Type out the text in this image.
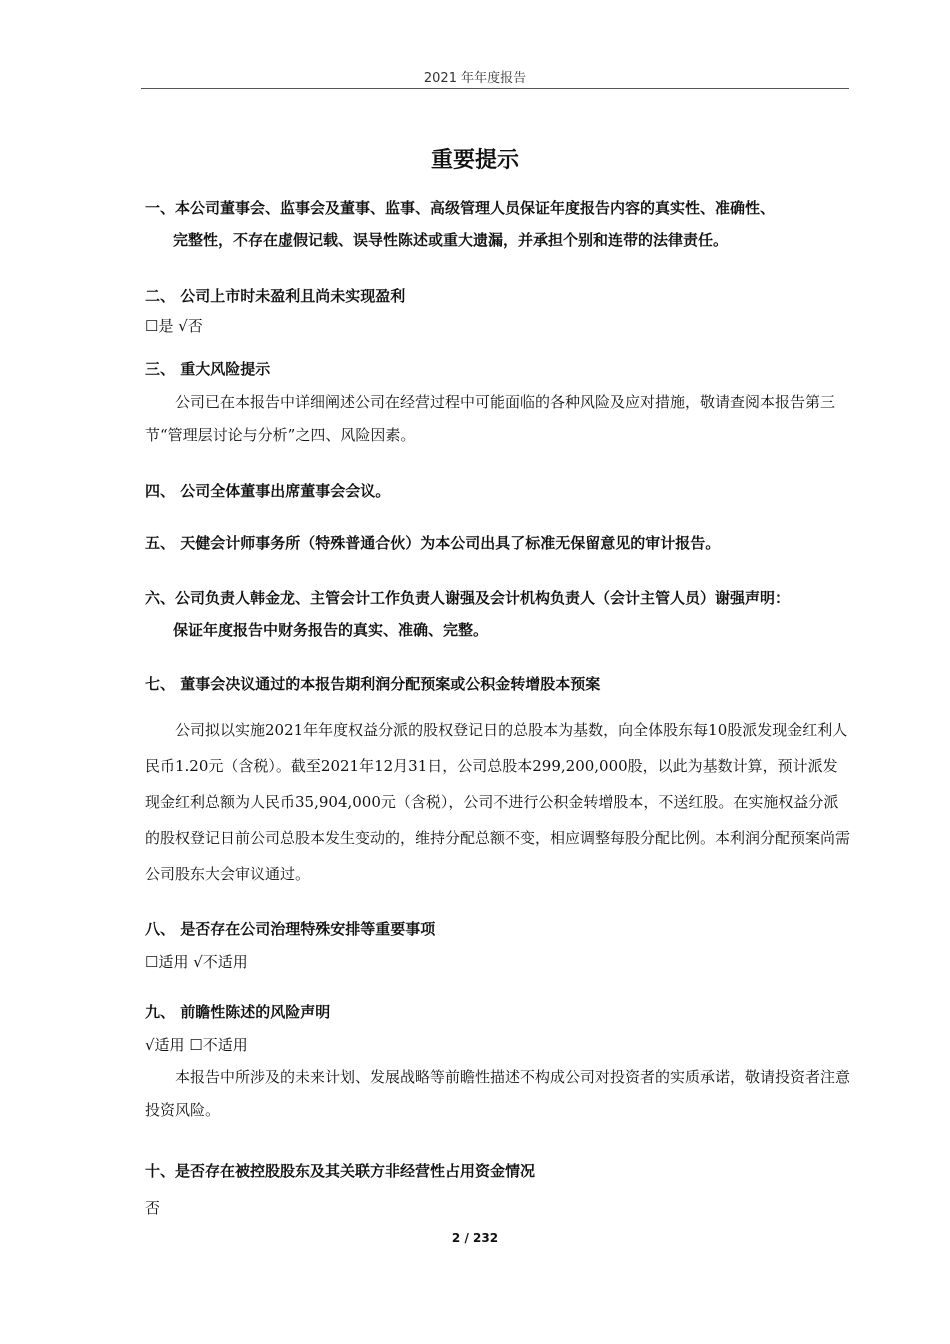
2021 年年度报告
重要提示
一、本公司董事会、监事会及董事、监事、高级管理人员保证年度报告内容的真实性、准确性、
完整性，不存在虚假记载、误导性陈述或重大遗漏，并承担个别和连带的法律责任。
二、 公司上市时未盈利且尚未实现盈利
☐是 √否
三、 重大风险提示
公司已在本报告中详细阐述公司在经营过程中可能面临的各种风险及应对措施，敬请查阅本报告第三节“管理层讨论与分析”之四、风险因素。
四、 公司全体董事出席董事会会议。
五、 天健会计师事务所（特殊普通合伙）为本公司出具了标准无保留意见的审计报告。
六、公司负责人韩金龙、主管会计工作负责人谢强及会计机构负责人（会计主管人员）谢强声明：
保证年度报告中财务报告的真实、准确、完整。
七、 董事会决议通过的本报告期利润分配预案或公积金转增股本预案
公司拟以实施2021年年度权益分派的股权登记日的总股本为基数，向全体股东每10股派发现金红利人民币1.20元（含税）。截至2021年12月31日，公司总股本299,200,000股，以此为基数计算，预计派发现金红利总额为人民币35,904,000元（含税），公司不进行公积金转增股本，不送红股。在实施权益分派的股权登记日前公司总股本发生变动的，维持分配总额不变，相应调整每股分配比例。本利润分配预案尚需公司股东大会审议通过。
八、 是否存在公司治理特殊安排等重要事项
☐适用 √不适用
九、 前瞻性陈述的风险声明
√适用 ☐不适用
本报告中所涉及的未来计划、发展战略等前瞻性描述不构成公司对投资者的实质承诺，敬请投资者注意投资风险。
十、是否存在被控股股东及其关联方非经营性占用资金情况
否
2 / 232
